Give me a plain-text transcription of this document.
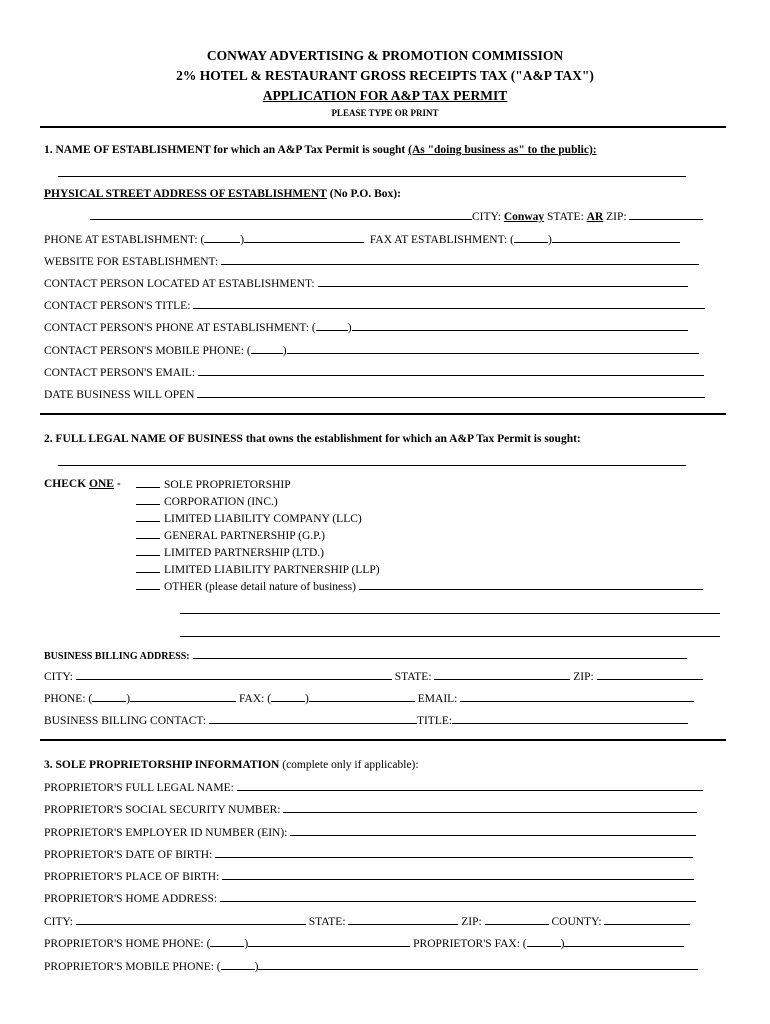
CONWAY ADVERTISING & PROMOTION COMMISSION
2% HOTEL & RESTAURANT GROSS RECEIPTS TAX ("A&P TAX")
APPLICATION FOR A&P TAX PERMIT
PLEASE TYPE OR PRINT
1. NAME OF ESTABLISHMENT for which an A&P Tax Permit is sought (As "doing business as" to the public):
PHYSICAL STREET ADDRESS OF ESTABLISHMENT (No P.O. Box):
CITY: Conway STATE: AR ZIP:
PHONE AT ESTABLISHMENT: (	)	FAX AT ESTABLISHMENT: (	)
WEBSITE FOR ESTABLISHMENT:
CONTACT PERSON LOCATED AT ESTABLISHMENT:
CONTACT PERSON'S TITLE:
CONTACT PERSON'S PHONE AT ESTABLISHMENT: (	)
CONTACT PERSON'S MOBILE PHONE: (	)
CONTACT PERSON'S EMAIL:
DATE BUSINESS WILL OPEN
2. FULL LEGAL NAME OF BUSINESS that owns the establishment for which an A&P Tax Permit is sought:
CHECK ONE -	SOLE PROPRIETORSHIP
CORPORATION (INC.)
LIMITED LIABILITY COMPANY (LLC)
GENERAL PARTNERSHIP (G.P.)
LIMITED PARTNERSHIP (LTD.)
LIMITED LIABILITY PARTNERSHIP (LLP)
OTHER (please detail nature of business)
BUSINESS BILLING ADDRESS:
CITY:	STATE:	ZIP:
PHONE: (	)	FAX: (	)	EMAIL:
BUSINESS BILLING CONTACT:	TITLE:
3. SOLE PROPRIETORSHIP INFORMATION (complete only if applicable):
PROPRIETOR'S FULL LEGAL NAME:
PROPRIETOR'S SOCIAL SECURITY NUMBER:
PROPRIETOR'S EMPLOYER ID NUMBER (EIN):
PROPRIETOR'S DATE OF BIRTH:
PROPRIETOR'S PLACE OF BIRTH:
PROPRIETOR'S HOME ADDRESS:
CITY:	STATE:	ZIP:	COUNTY:
PROPRIETOR'S HOME PHONE: (	)	PROPRIETOR'S FAX: (	)
PROPRIETOR'S MOBILE PHONE: (	)
